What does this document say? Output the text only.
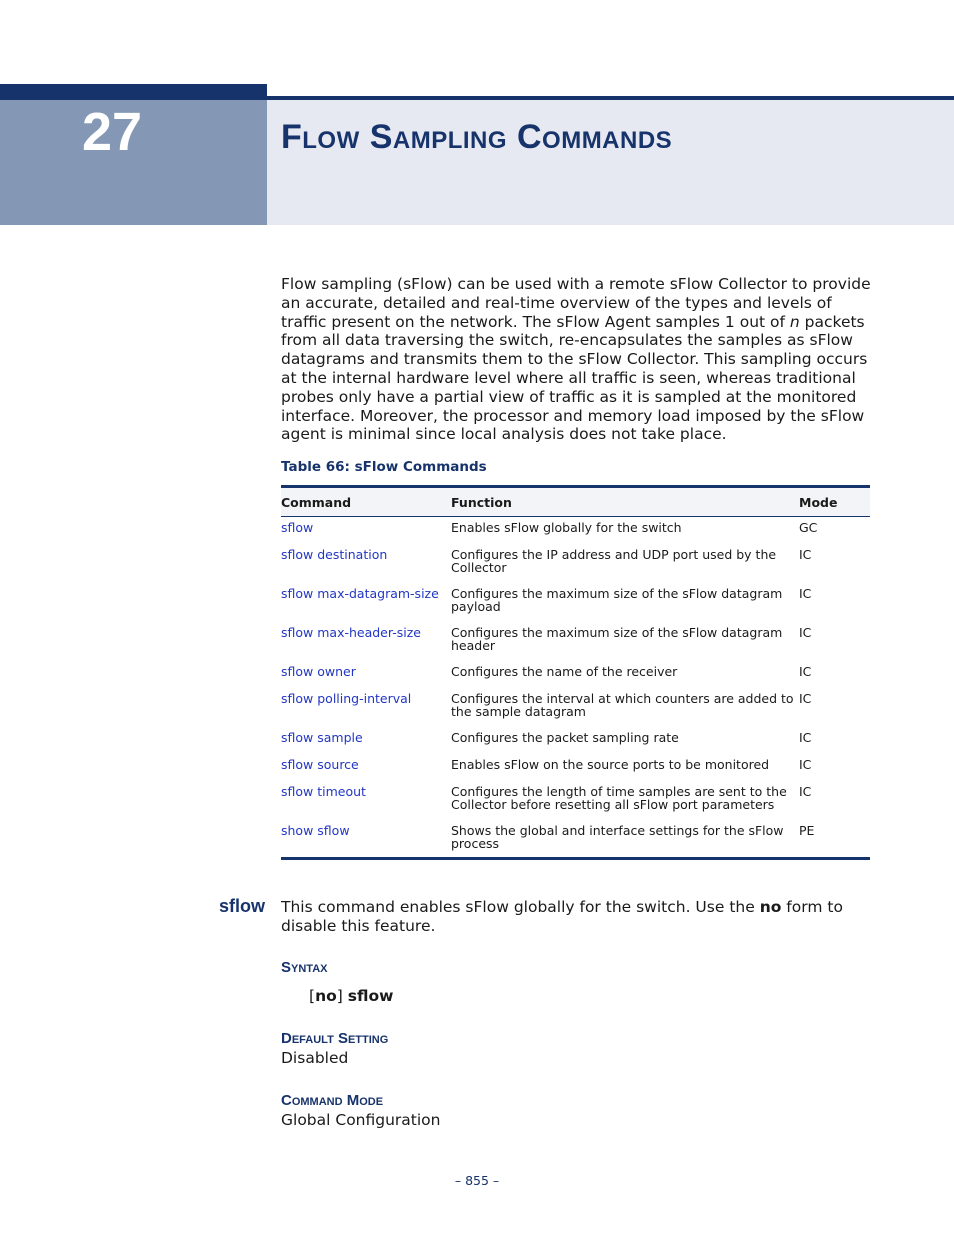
27	Flow Sampling Commands

Flow sampling (sFlow) can be used with a remote sFlow Collector to provide an accurate, detailed and real-time overview of the types and levels of traffic present on the network. The sFlow Agent samples 1 out of n packets from all data traversing the switch, re-encapsulates the samples as sFlow datagrams and transmits them to the sFlow Collector. This sampling occurs at the internal hardware level where all traffic is seen, whereas traditional probes only have a partial view of traffic as it is sampled at the monitored interface. Moreover, the processor and memory load imposed by the sFlow agent is minimal since local analysis does not take place.

Table 66: sFlow Commands
Command	Function	Mode
sflow	Enables sFlow globally for the switch	GC
sflow destination	Configures the IP address and UDP port used by the Collector	IC
sflow max-datagram-size	Configures the maximum size of the sFlow datagram payload	IC
sflow max-header-size	Configures the maximum size of the sFlow datagram header	IC
sflow owner	Configures the name of the receiver	IC
sflow polling-interval	Configures the interval at which counters are added to the sample datagram	IC
sflow sample	Configures the packet sampling rate	IC
sflow source	Enables sFlow on the source ports to be monitored	IC
sflow timeout	Configures the length of time samples are sent to the Collector before resetting all sFlow port parameters	IC
show sflow	Shows the global and interface settings for the sFlow process	PE
sflow This command enables sFlow globally for the switch. Use the no form to disable this feature.

Syntax
[no] sflow
Default Setting
Disabled
Command Mode
Global Configuration
– 855 –
